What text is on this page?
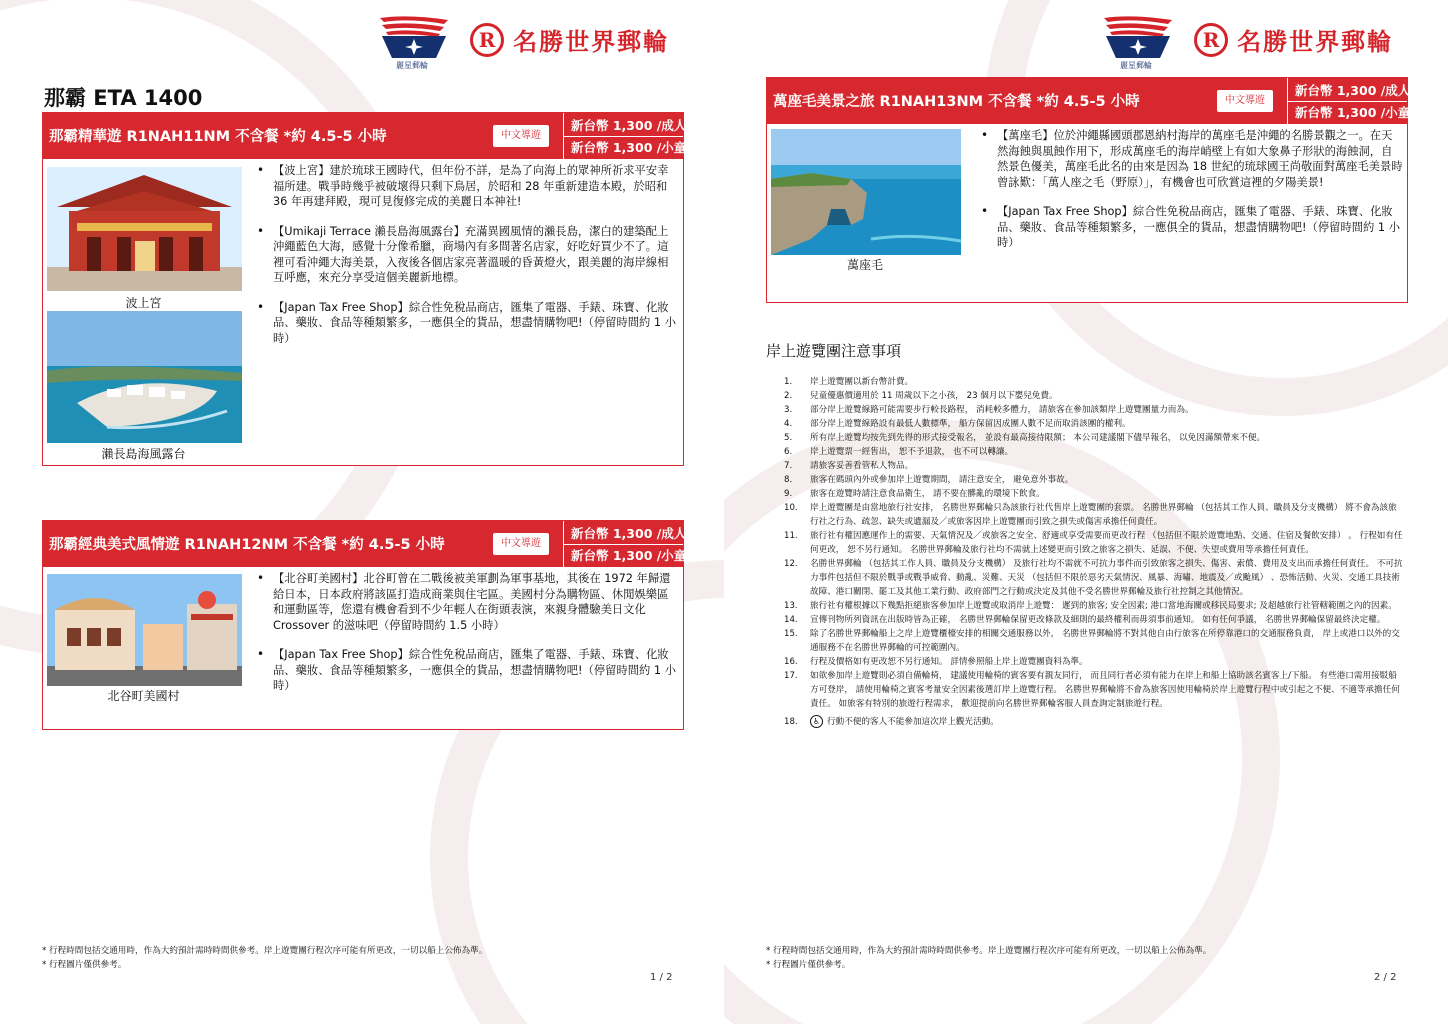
麗星郵輪
R 名勝世界郵輪
那霸 ETA 1400
那霸精華遊 R1NAH11NM 不含餐 *約 4.5-5 小時	中文導遊
新台幣 1,300 /成人
新台幣 1,300 /小童
波上宮
瀨長島海風露台
• 【波上宮】建於琉球王國時代，但年份不詳，是為了向海上的眾神所祈求平安幸福所建。戰爭時幾乎被破壞得只剩下鳥居，於昭和 28 年重新建造本殿，於昭和 36 年再建拜殿，現可見復修完成的美麗日本神社!
• 【Umikaji Terrace 瀨長島海風露台】充滿異國風情的瀨長島，潔白的建築配上沖繩藍色大海，感覺十分像希臘，商場內有多間著名店家，好吃好買少不了。這裡可看沖繩大海美景，入夜後各個店家亮著溫暖的昏黃燈火，跟美麗的海岸線相互呼應，來充分享受這個美麗新地標。
• 【Japan Tax Free Shop】綜合性免稅品商店，匯集了電器、手錶、珠寶、化妝品、藥妝、食品等種類繁多，一應俱全的貨品，想盡情購物吧!（停留時間約 1 小時）
那霸經典美式風情遊 R1NAH12NM 不含餐 *約 4.5-5 小時	中文導遊
新台幣 1,300 /成人
新台幣 1,300 /小童
北谷町美國村
• 【北谷町美國村】北谷町曾在二戰後被美軍劃為軍事基地，其後在 1972 年歸還給日本，日本政府將該區打造成商業與住宅區。美國村分為購物區、休閒娛樂區和運動區等，您還有機會看到不少年輕人在街頭表演，來親身體驗美日文化 Crossover 的滋味吧（停留時間約 1.5 小時）
• 【Japan Tax Free Shop】綜合性免稅品商店，匯集了電器、手錶、珠寶、化妝品、藥妝、食品等種類繁多，一應俱全的貨品，想盡情購物吧!（停留時間約 1 小時）
* 行程時間包括交通用時，作為大約預計需時時間供參考。岸上遊覽團行程次序可能有所更改，一切以船上公佈為準。
* 行程圖片僅供參考。
1 / 2
麗星郵輪
R 名勝世界郵輪
萬座毛美景之旅 R1NAH13NM 不含餐 *約 4.5-5 小時	中文導遊
新台幣 1,300 /成人
新台幣 1,300 /小童
萬座毛
• 【萬座毛】位於沖繩縣國頭郡恩納村海岸的萬座毛是沖繩的名勝景觀之一。在天然海蝕與風蝕作用下，形成萬座毛的海岸峭壁上有如大象鼻子形狀的海蝕洞，自然景色優美，萬座毛此名的由來是因為 18 世紀的琉球國王尚敬面對萬座毛美景時曾詠歎：「萬人座之毛（野原）」，有機會也可欣賞這裡的夕陽美景!
• 【Japan Tax Free Shop】綜合性免稅品商店，匯集了電器、手錶、珠寶、化妝品、藥妝、食品等種類繁多，一應俱全的貨品，想盡情購物吧!（停留時間約 1 小時）
岸上遊覽團注意事項
1. 岸上遊覽團以新台幣計費。
2. 兒童優惠價適用於 11 周歲以下之小孩， 23 個月以下嬰兒免費。
3. 部分岸上遊覽線路可能需要步行較長路程， 消耗較多體力， 請旅客在參加該類岸上遊覽團量力而為。
4. 部分岸上遊覽線路設有最低人數標準， 船方保留因成團人數不足而取消該團的權利。
5. 所有岸上遊覽均按先到先得的形式接受報名， 並設有最高接待限額； 本公司建議閣下儘早報名， 以免因滿額帶來不便。
6. 岸上遊覽票一經售出， 恕不予退款， 也不可以轉讓。
7. 請旅客妥善看管私人物品。
8. 旅客在碼頭內外或參加岸上遊覽期間， 請注意安全， 避免意外事故。
9. 旅客在遊覽時請注意食品衛生， 請不要在髒亂的環境下飲食。
10. 岸上遊覽團是由當地旅行社安排， 名勝世界郵輪只為該旅行社代售岸上遊覽團的套票。 名勝世界郵輪 （包括其工作人員、職員及分支機構） 將不會為該旅行社之行為、疏忽、缺失或遺漏及／或旅客因岸上遊覽團而引致之損失或傷害承擔任何責任。
11. 旅行社有權因應運作上的需要、天氣情況及／或旅客之安全、舒適或享受需要而更改行程 （包括但不限於遊覽地點、交通、住宿及餐飲安排） 。 行程如有任何更改， 恕不另行通知。 名勝世界郵輪及旅行社均不需就上述變更而引致之旅客之損失、延誤、不便、失望或費用等承擔任何責任。
12. 名勝世界郵輪 （包括其工作人員、職員及分支機構） 及旅行社均不需就不可抗力事件而引致旅客之損失、傷害、索償、費用及支出而承擔任何責任。 不可抗力事件包括但不限於戰爭或戰爭威脅、動亂、災難、天災 （包括但不限於惡劣天氣情況、風暴、海嘯、地震及／或颱風） 、恐怖活動、火災、交通工具技術故障、港口關閉、罷工及其他工業行動、政府部門之行動或決定及其他不受名勝世界郵輪及旅行社控制之其他情況。
13. 旅行社有權根據以下幾點拒絕旅客參加岸上遊覽或取消岸上遊覽： 遲到的旅客; 安全因素; 港口當地海關或移民局要求; 及超越旅行社管轄範圍之內的因素。
14. 宣傳刊物所列資訊在出版時皆為正確， 名勝世界郵輪保留更改條款及細則的最終權利而毋須事前通知。 如有任何爭議， 名勝世界郵輪保留最終決定權。
15. 除了名勝世界郵輪船上之岸上遊覽櫃檯安排的相關交通服務以外， 名勝世界郵輪將不對其他自由行旅客在所停靠港口的交通服務負責， 岸上或港口以外的交通服務不在名勝世界郵輪的可控範圍內。
16. 行程及價格如有更改恕不另行通知。 詳情參照船上岸上遊覽團資料為準。
17. 如欲參加岸上遊覽則必須自備輪椅， 建議使用輪椅的賓客要有親友同行， 而且同行者必須有能力在岸上和船上協助該名賓客上/下船。 有些港口需用接駁船方可登岸， 請使用輪椅之賓客考量安全因素後選訂岸上遊覽行程。 名勝世界郵輪將不會為旅客因使用輪椅於岸上遊覽行程中或引起之不便、不適等承擔任何責任。 如旅客有特別的旅遊行程需求， 歡迎提前向名勝世界郵輪客服人員查詢定制旅遊行程。
18. ♿ 行動不便的客人不能參加這次岸上觀光活動。
* 行程時間包括交通用時，作為大約預計需時時間供參考。岸上遊覽團行程次序可能有所更改，一切以船上公佈為準。
* 行程圖片僅供參考。
2 / 2
